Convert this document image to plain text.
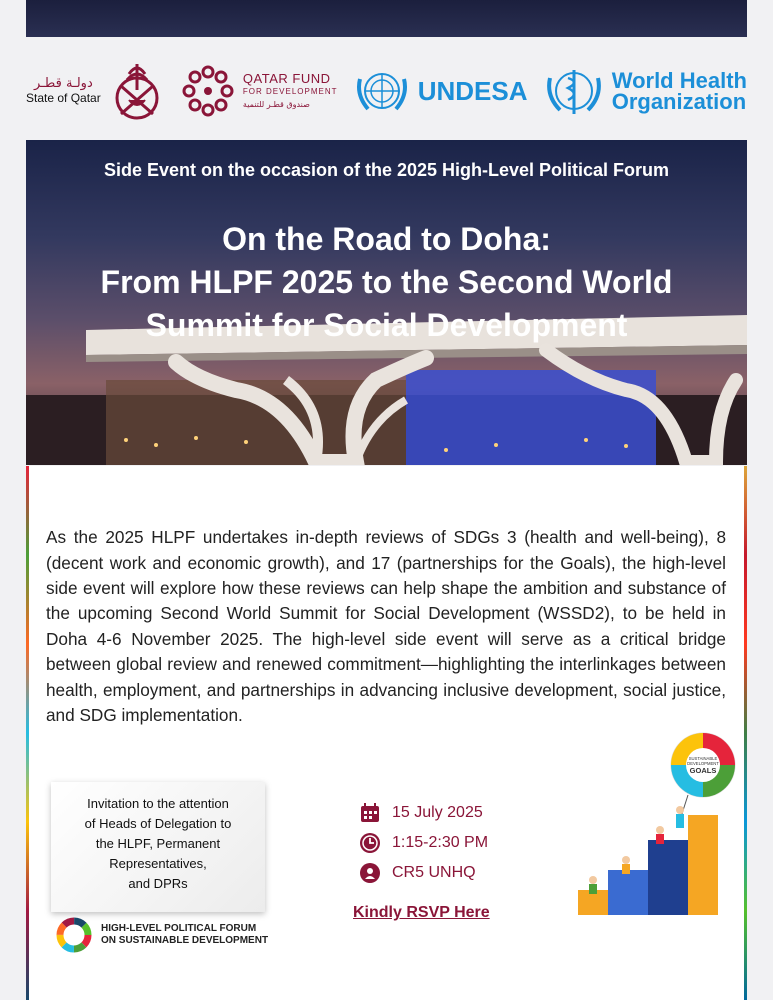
دولـة قطـر
State of Qatar
QATAR FUND
FOR DEVELOPMENT
صندوق قطـر للتنمية	UNDESA	World Health
Organization
Side Event on the occasion of the 2025 High-Level Political Forum
On the Road to Doha:
From HLPF 2025 to the Second World
Summit for Social Development

As the 2025 HLPF undertakes in-depth reviews of SDGs 3 (health and well-being), 8 (decent work and economic growth), and 17 (partnerships for the Goals), the high-level side event will explore how these reviews can help shape the ambition and substance of the upcoming Second World Summit for Social Development (WSSD2), to be held in Doha 4-6 November 2025. The high-level side event will serve as a critical bridge between global review and renewed commitment—highlighting the interlinkages between health, employment, and partnerships in advancing inclusive development, social justice, and SDG implementation.

Invitation to the attention
of Heads of Delegation to
the HLPF, Permanent
Representatives,
and DPRs
HIGH-LEVEL POLITICAL FORUM
ON SUSTAINABLE DEVELOPMENT
15 July 2025
1:15-2:30 PM
CR5 UNHQ
Kindly RSVP Here
SUSTAINABLE
DEVELOPMENT
GOALS
